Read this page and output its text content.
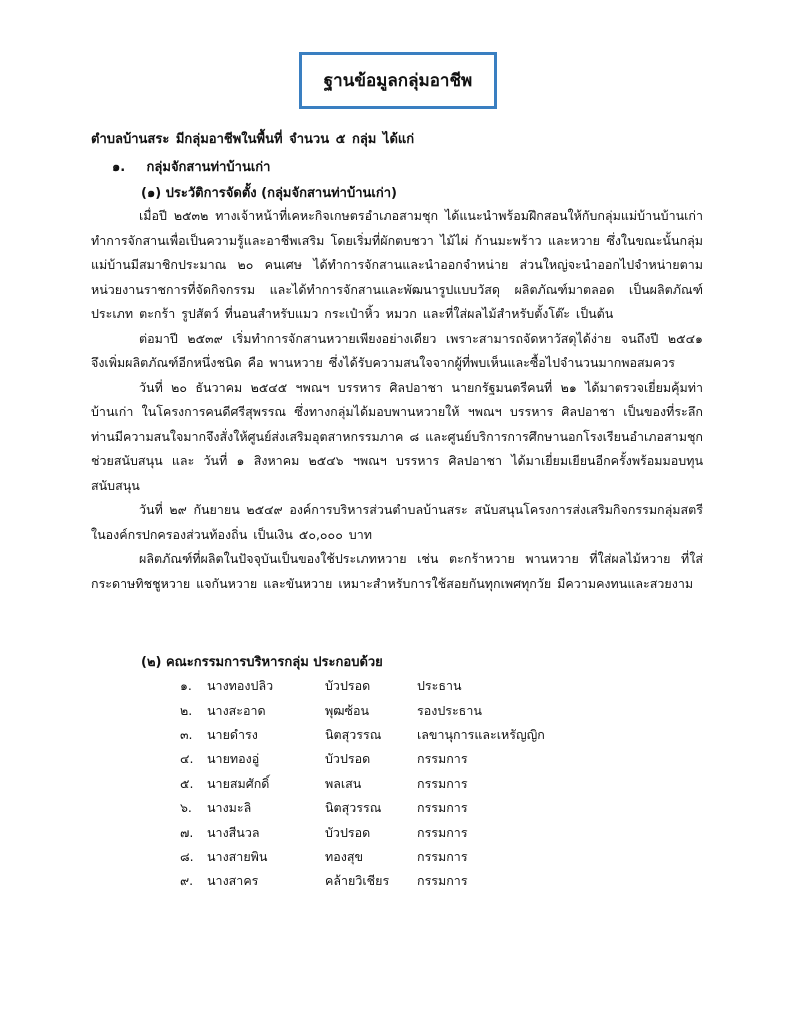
ฐานข้อมูลกลุ่มอาชีพ
ตำบลบ้านสระ มีกลุ่มอาชีพในพื้นที่ จำนวน ๕ กลุ่ม ได้แก่
๑. กลุ่มจักสานท่าบ้านเก่า
(๑) ประวัติการจัดตั้ง (กลุ่มจักสานท่าบ้านเก่า)

เมื่อปี ๒๕๓๒ ทางเจ้าหน้าที่เคหะกิจเกษตรอำเภอสามชุก ได้แนะนำพร้อมฝึกสอนให้กับกลุ่มแม่บ้านบ้านเก่า ทำการจักสานเพื่อเป็นความรู้และอาชีพเสริม โดยเริ่มที่ผักตบชวา ไม้ไผ่ ก้านมะพร้าว และหวาย ซึ่งในขณะนั้นกลุ่มแม่บ้านมีสมาชิกประมาณ ๒๐ คนเศษ ได้ทำการจักสานและนำออกจำหน่าย ส่วนใหญ่จะนำออกไปจำหน่ายตามหน่วยงานราชการที่จัดกิจกรรม และได้ทำการจักสานและพัฒนารูปแบบวัสดุ ผลิตภัณฑ์มาตลอด เป็นผลิตภัณฑ์ประเภท ตะกร้า รูปสัตว์ ที่นอนสำหรับแมว กระเป๋าหิ้ว หมวก และที่ใส่ผลไม้สำหรับตั้งโต๊ะ เป็นต้น

ต่อมาปี ๒๕๓๙ เริ่มทำการจักสานหวายเพียงอย่างเดียว เพราะสามารถจัดหาวัสดุได้ง่าย จนถึงปี ๒๕๔๑ จึงเพิ่มผลิตภัณฑ์อีกหนึ่งชนิด คือ พานหวาย ซึ่งได้รับความสนใจจากผู้ที่พบเห็นและซื้อไปจำนวนมากพอสมควร

วันที่ ๒๐ ธันวาคม ๒๕๔๕ ฯพณฯ บรรหาร ศิลปอาชา นายกรัฐมนตรีคนที่ ๒๑ ได้มาตรวจเยี่ยมคุ้มท่าบ้านเก่า ในโครงการคนดีศรีสุพรรณ ซึ่งทางกลุ่มได้มอบพานหวายให้ ฯพณฯ บรรหาร ศิลปอาชา เป็นของที่ระลึก ท่านมีความสนใจมากจึงสั่งให้ศูนย์ส่งเสริมอุตสาหกรรมภาค ๘ และศูนย์บริการการศึกษานอกโรงเรียนอำเภอสามชุก ช่วยสนับสนุน และ วันที่ ๑ สิงหาคม ๒๕๔๖ ฯพณฯ บรรหาร ศิลปอาชา ได้มาเยี่ยมเยียนอีกครั้งพร้อมมอบทุนสนับสนุน

วันที่ ๒๙ กันยายน ๒๕๔๙ องค์การบริหารส่วนตำบลบ้านสระ สนับสนุนโครงการส่งเสริมกิจกรรมกลุ่มสตรีในองค์กรปกครองส่วนท้องถิ่น เป็นเงิน ๕๐,๐๐๐ บาท

ผลิตภัณฑ์ที่ผลิตในปัจจุบันเป็นของใช้ประเภทหวาย เช่น ตะกร้าหวาย พานหวาย ที่ใส่ผลไม้หวาย ที่ใส่กระดาษทิชชูหวาย แจกันหวาย และขันหวาย เหมาะสำหรับการใช้สอยกันทุกเพศทุกวัย มีความคงทนและสวยงาม

(๒) คณะกรรมการบริหารกลุ่ม ประกอบด้วย
๑.	นางทองปลิว	บัวปรอด	ประธาน
๒.	นางสะอาด	พุฒซ้อน	รองประธาน
๓.	นายดำรง	นิตสุวรรณ	เลขานุการและเหรัญญิก
๔.	นายทองอู่	บัวปรอด	กรรมการ
๕.	นายสมศักดิ์	พลเสน	กรรมการ
๖.	นางมะลิ	นิตสุวรรณ	กรรมการ
๗.	นางสีนวล	บัวปรอด	กรรมการ
๘.	นางสายพิน	ทองสุข	กรรมการ
๙.	นางสาคร	คล้ายวิเชียร	กรรมการ
